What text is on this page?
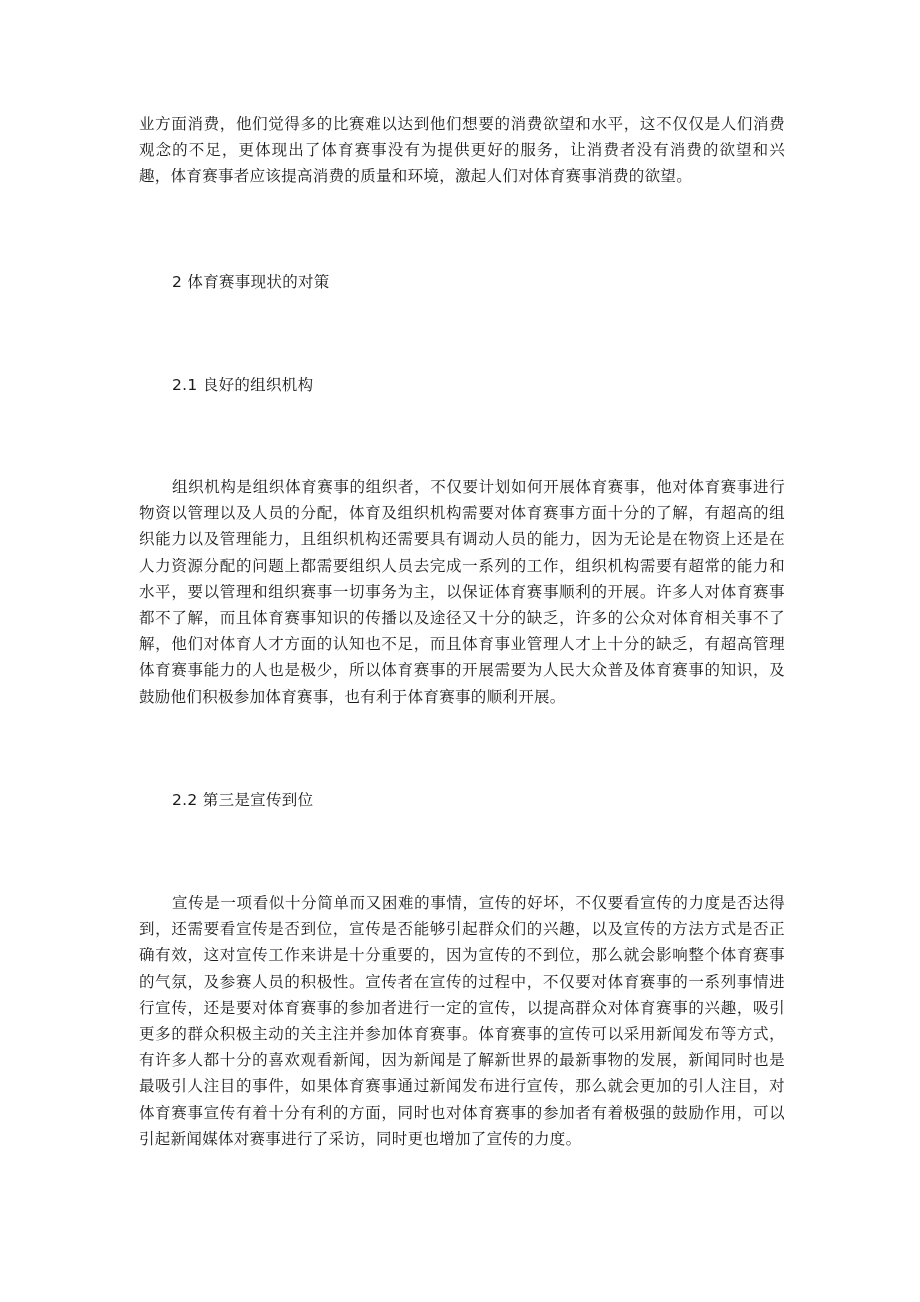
业方面消费，他们觉得多的比赛难以达到他们想要的消费欲望和水平，这不仅仅是人们消费观念的不足，更体现出了体育赛事没有为提供更好的服务，让消费者没有消费的欲望和兴趣，体育赛事者应该提高消费的质量和环境，激起人们对体育赛事消费的欲望。

2 体育赛事现状的对策
2.1 良好的组织机构

组织机构是组织体育赛事的组织者，不仅要计划如何开展体育赛事，他对体育赛事进行物资以管理以及人员的分配，体育及组织机构需要对体育赛事方面十分的了解，有超高的组织能力以及管理能力，且组织机构还需要具有调动人员的能力，因为无论是在物资上还是在人力资源分配的问题上都需要组织人员去完成一系列的工作，组织机构需要有超常的能力和水平，要以管理和组织赛事一切事务为主，以保证体育赛事顺利的开展。许多人对体育赛事都不了解，而且体育赛事知识的传播以及途径又十分的缺乏，许多的公众对体育相关事不了解，他们对体育人才方面的认知也不足，而且体育事业管理人才上十分的缺乏，有超高管理体育赛事能力的人也是极少，所以体育赛事的开展需要为人民大众普及体育赛事的知识，及鼓励他们积极参加体育赛事，也有利于体育赛事的顺利开展。

2.2 第三是宣传到位

宣传是一项看似十分简单而又困难的事情，宣传的好坏，不仅要看宣传的力度是否达得到，还需要看宣传是否到位，宣传是否能够引起群众们的兴趣，以及宣传的方法方式是否正确有效，这对宣传工作来讲是十分重要的，因为宣传的不到位，那么就会影响整个体育赛事的气氛，及参赛人员的积极性。宣传者在宣传的过程中，不仅要对体育赛事的一系列事情进行宣传，还是要对体育赛事的参加者进行一定的宣传，以提高群众对体育赛事的兴趣，吸引更多的群众积极主动的关主注并参加体育赛事。体育赛事的宣传可以采用新闻发布等方式，有许多人都十分的喜欢观看新闻，因为新闻是了解新世界的最新事物的发展，新闻同时也是最吸引人注目的事件，如果体育赛事通过新闻发布进行宣传，那么就会更加的引人注目，对体育赛事宣传有着十分有利的方面，同时也对体育赛事的参加者有着极强的鼓励作用，可以引起新闻媒体对赛事进行了采访，同时更也增加了宣传的力度。
